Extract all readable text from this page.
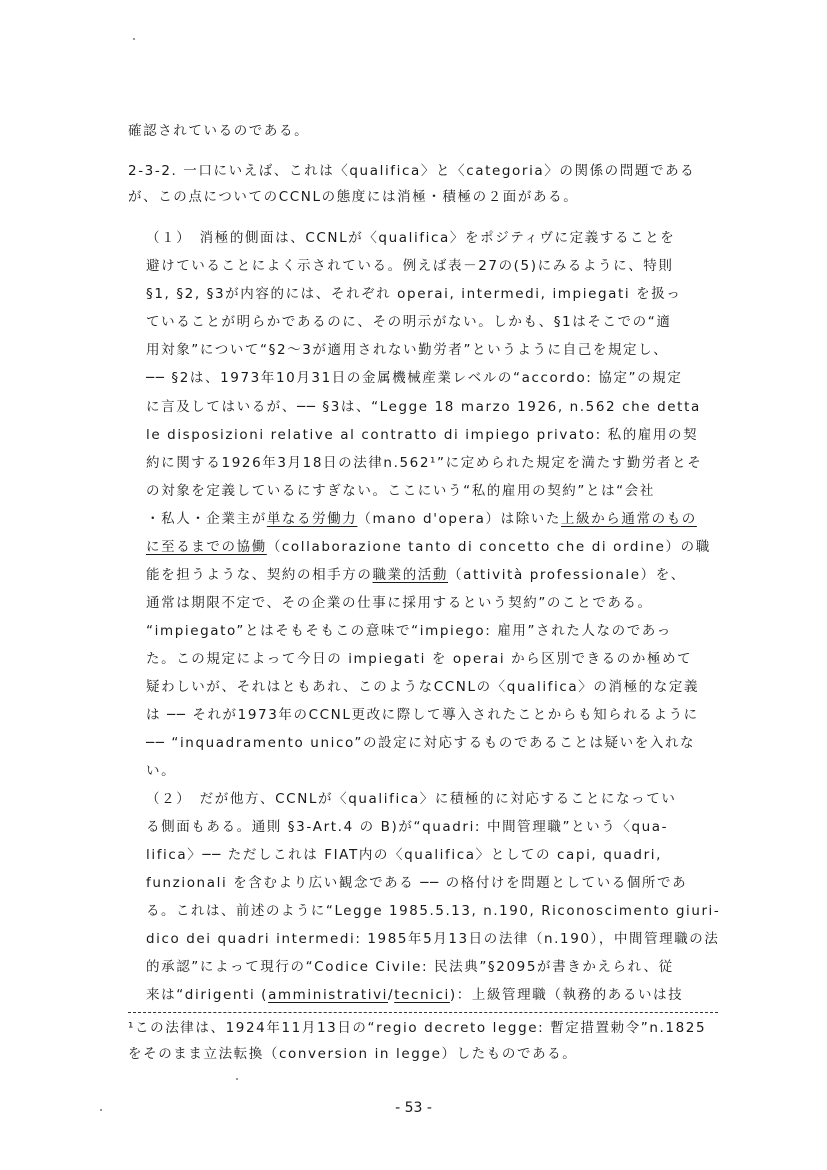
確認されているのである。
2-3-2. 一口にいえば、これは〈qualifica〉と〈categoria〉の関係の問題である
が、この点についてのCCNLの態度には消極・積極の２面がある。
（１）　消極的側面は、CCNLが〈qualifica〉をポジティヴに定義することを
避けていることによく示されている。例えば表－27の(5)にみるように、特則
§1, §2, §3が内容的には、それぞれ operai, intermedi, impiegati を扱っ
ていることが明らかであるのに、その明示がない。しかも、§1はそこでの“適
用対象”について“§2～3が適用されない勤労者”というように自己を規定し、
── §2は、1973年10月31日の金属機械産業レベルの“accordo: 協定”の規定
に言及してはいるが、── §3は、“Legge 18 marzo 1926, n.562 che detta
le disposizioni relative al contratto di impiego privato: 私的雇用の契
約に関する1926年3月18日の法律n.562¹”に定められた規定を満たす勤労者とそ
の対象を定義しているにすぎない。ここにいう“私的雇用の契約”とは“会社
・私人・企業主が単なる労働力（mano d'opera）は除いた上級から通常のもの
に至るまでの協働（collaborazione tanto di concetto che di ordine）の職
能を担うような、契約の相手方の職業的活動（attività professionale）を、
通常は期限不定で、その企業の仕事に採用するという契約”のことである。
“impiegato”とはそもそもこの意味で“impiego: 雇用”された人なのであっ
た。この規定によって今日の impiegati を operai から区別できるのか極めて
疑わしいが、それはともあれ、このようなCCNLの〈qualifica〉の消極的な定義
は ── それが1973年のCCNL更改に際して導入されたことからも知られるように
── “inquadramento unico”の設定に対応するものであることは疑いを入れな
い。
（２）　だが他方、CCNLが〈qualifica〉に積極的に対応することになってい
る側面もある。通則 §3-Art.4 の B)が“quadri: 中間管理職”という〈qua-
lifica〉── ただしこれは FIAT内の〈qualifica〉としての capi, quadri,
funzionali を含むより広い観念である ── の格付けを問題としている個所であ
る。これは、前述のように“Legge 1985.5.13, n.190, Riconoscimento giuri-
dico dei quadri intermedi: 1985年5月13日の法律（n.190），中間管理職の法
的承認”によって現行の“Codice Civile: 民法典”§2095が書きかえられ、従
来は“dirigenti (amministrativi/tecnici)：上級管理職（執務的あるいは技
¹この法律は、1924年11月13日の“regio decreto legge: 暫定措置勅令”n.1825
をそのまま立法転換（conversion in legge）したものである。
- 53 -
